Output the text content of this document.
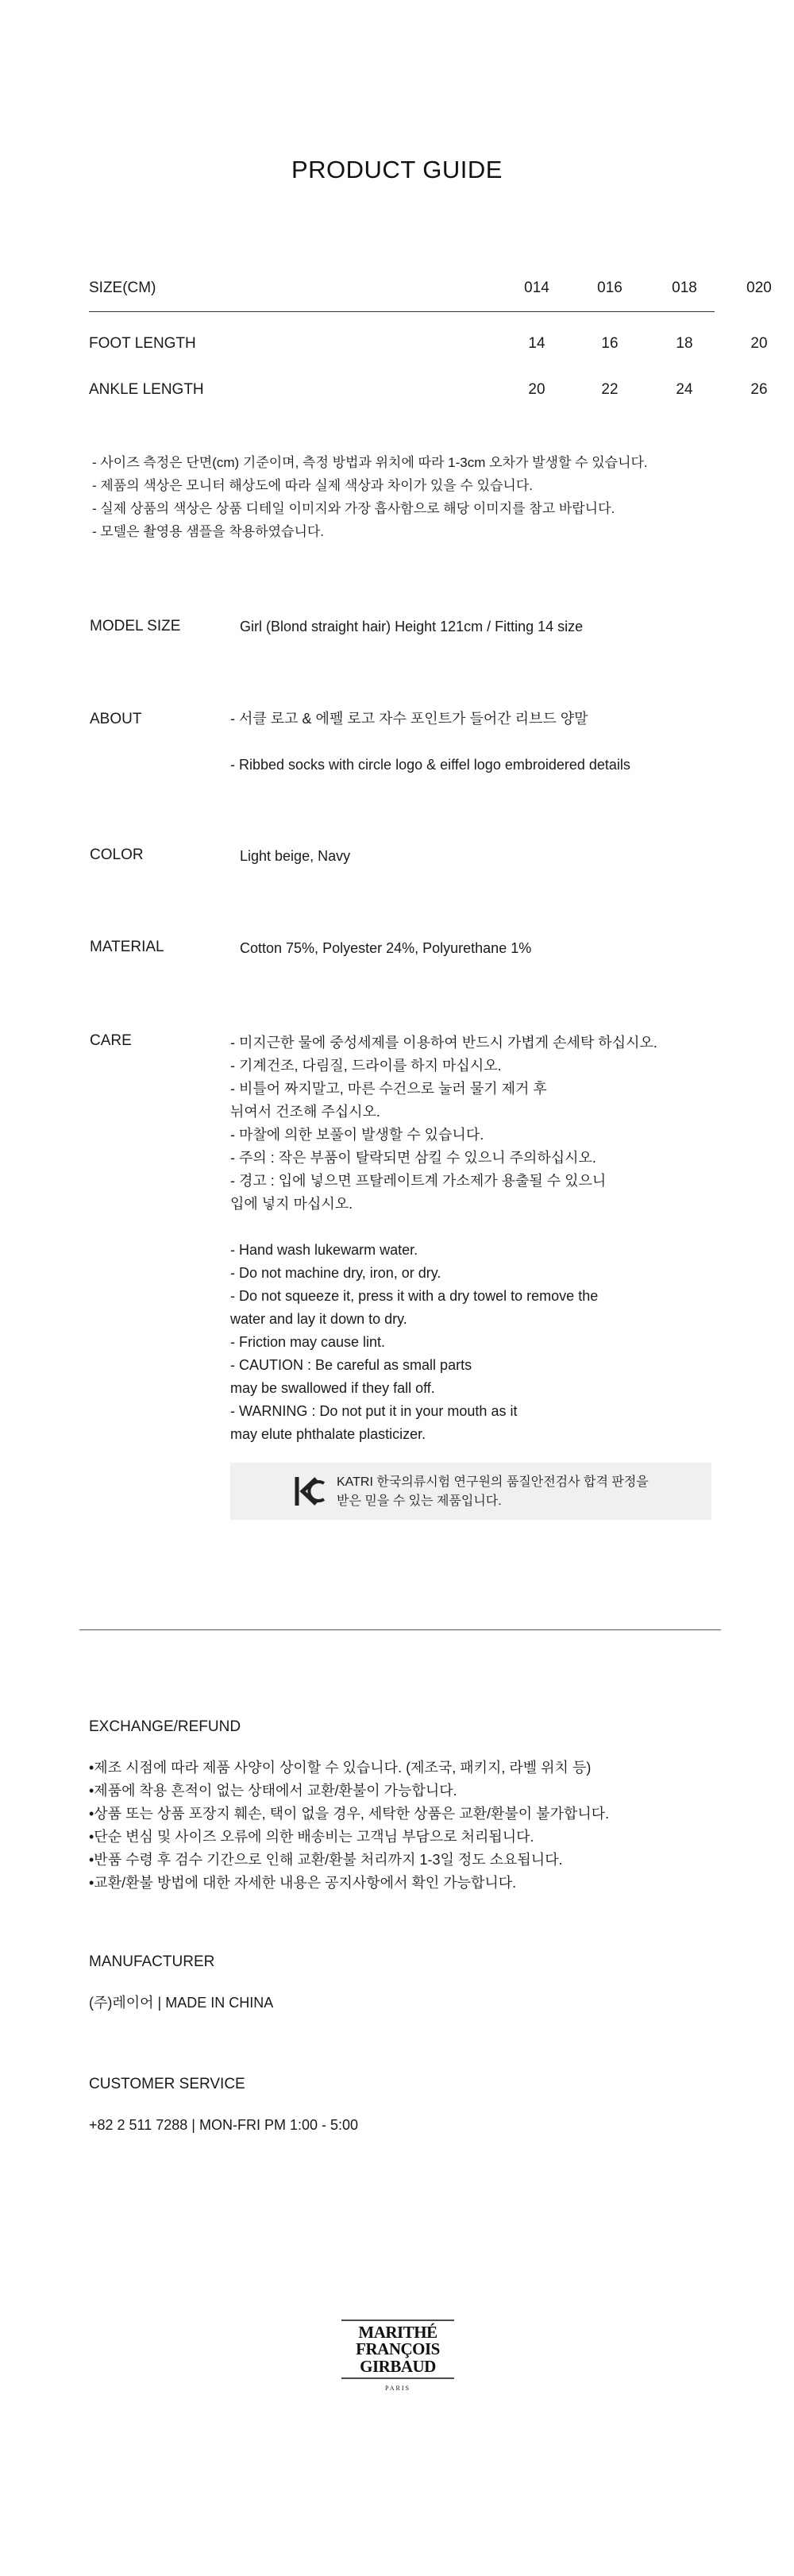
PRODUCT GUIDE
SIZE(CM)	014	016	018	020
FOOT LENGTH	14	16	18	20
ANKLE LENGTH	20	22	24	26
- 사이즈 측정은 단면(cm) 기준이며, 측정 방법과 위치에 따라 1-3cm 오차가 발생할 수 있습니다.
- 제품의 색상은 모니터 해상도에 따라 실제 색상과 차이가 있을 수 있습니다.
- 실제 상품의 색상은 상품 디테일 이미지와 가장 흡사함으로 해당 이미지를 참고 바랍니다.
- 모델은 촬영용 샘플을 착용하였습니다.
MODEL SIZE	Girl (Blond straight hair) Height 121cm / Fitting 14 size
ABOUT	- 서클 로고 & 에펠 로고 자수 포인트가 들어간 리브드 양말
- Ribbed socks with circle logo & eiffel logo embroidered details
COLOR	Light beige, Navy
MATERIAL	Cotton 75%, Polyester 24%, Polyurethane 1%
CARE	- 미지근한 물에 중성세제를 이용하여 반드시 가볍게 손세탁 하십시오.
- 기계건조, 다림질, 드라이를 하지 마십시오.
- 비틀어 짜지말고, 마른 수건으로 눌러 물기 제거 후
뉘여서 건조해 주십시오.
- 마찰에 의한 보풀이 발생할 수 있습니다.
- 주의 : 작은 부품이 탈락되면 삼킬 수 있으니 주의하십시오.
- 경고 : 입에 넣으면 프탈레이트계 가소제가 용출될 수 있으니
입에 넣지 마십시오.
- Hand wash lukewarm water.
- Do not machine dry, iron, or dry.
- Do not squeeze it, press it with a dry towel to remove the
water and lay it down to dry.
- Friction may cause lint.
- CAUTION : Be careful as small parts
may be swallowed if they fall off.
- WARNING : Do not put it in your mouth as it
may elute phthalate plasticizer.
KATRI 한국의류시험 연구원의 품질안전검사 합격 판정을
받은 믿을 수 있는 제품입니다.
EXCHANGE/REFUND
•제조 시점에 따라 제품 사양이 상이할 수 있습니다. (제조국, 패키지, 라벨 위치 등)
•제품에 착용 흔적이 없는 상태에서 교환/환불이 가능합니다.
•상품 또는 상품 포장지 훼손, 택이 없을 경우, 세탁한 상품은 교환/환불이 불가합니다.
•단순 변심 및 사이즈 오류에 의한 배송비는 고객님 부담으로 처리됩니다.
•반품 수령 후 검수 기간으로 인해 교환/환불 처리까지 1-3일 정도 소요됩니다.
•교환/환불 방법에 대한 자세한 내용은 공지사항에서 확인 가능합니다.
MANUFACTURER
(주)레이어 | MADE IN CHINA
CUSTOMER SERVICE
+82 2 511 7288 | MON-FRI PM 1:00 - 5:00
MARITHÉ
FRANÇOIS
GIRBAUD
PARIS
